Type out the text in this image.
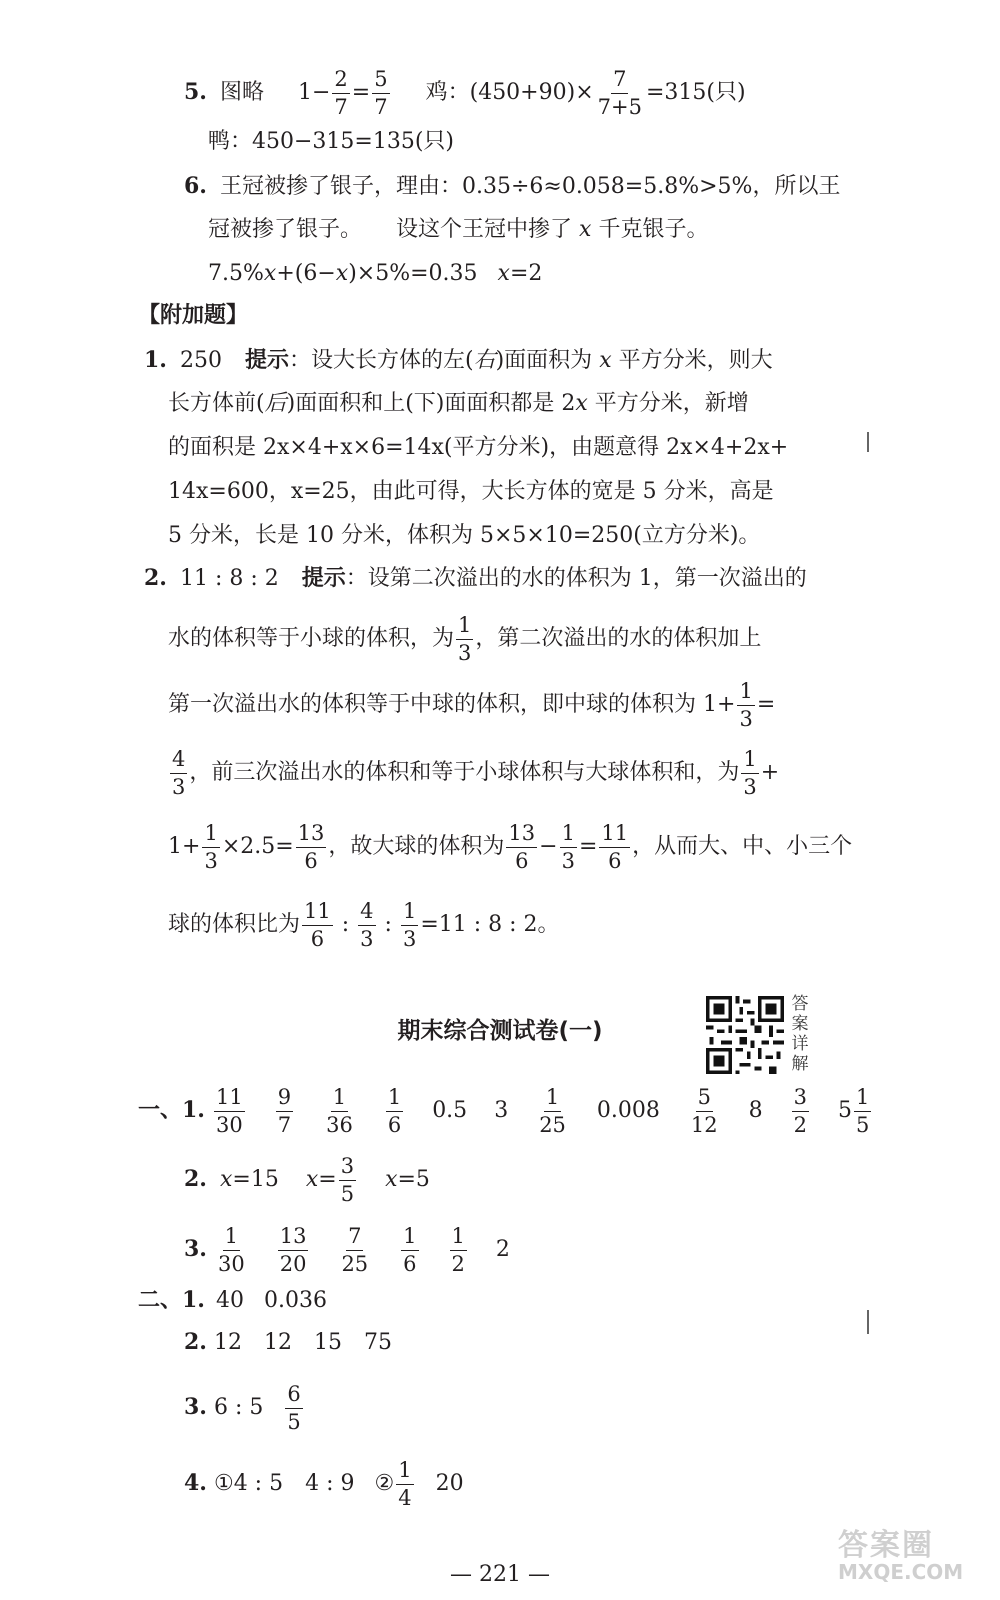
5. 图略 $1- \frac{2}{7} = \frac{5}{7}$ 鸡：$(450+90)\times \frac{7}{7+5} =315$(只)
鸭：450−315=135(只)
6. 王冠被掺了银子，理由：0.35÷6≈0.058=5.8%>5%，所以王
冠被掺了银子。 设这个王冠中掺了 x 千克银子。
7.5%x+(6−x)×5%=0.35 x=2
【附加题】
1. 250 提示：设大长方体的左(右)面面积为 x 平方分米，则大
长方体前(后)面面积和上(下)面面积都是 2x 平方分米，新增
的面积是 2x×4+x×6=14x(平方分米)，由题意得 2x×4+2x+
14x=600，x=25，由此可得，大长方体的宽是 5 分米，高是
5 分米，长是 10 分米，体积为 5×5×10=250(立方分米)。
2. 11 : 8 : 2 提示：设第二次溢出的水的体积为 1，第一次溢出的
水的体积等于小球的体积，为 $\frac{1}{3}$ ，第二次溢出的水的体积加上
第一次溢出水的体积等于中球的体积，即中球的体积为 $1+ \frac{1}{3}$ =
$\frac{4}{3}$ ，前三次溢出水的体积和等于小球体积与大球体积和，为 $\frac{1}{3}$ +
$1+ \frac{1}{3} \times 2.5= \frac{13}{6}$ ，故大球的体积为 $\frac{13}{6} - \frac{1}{3} = \frac{11}{6}$ ，从而大、中、小三个
球的体积比为 $\frac{11}{6}$ : $\frac{4}{3}$ : $\frac{1}{3} =11$ : 8 : 2。
期末综合测试卷(一)
答案详解
一、1. $\frac{11}{30}$
$\frac{9}{7}$
$\frac{1}{36}$
$\frac{1}{6} 0.5$ $3 \frac{1}{25} 0.008 \frac{5}{12} 8 \frac{3}{2} 5 \frac{1}{5}$
2. x=15 $x= \frac{3}{5} x=5$
3. $\frac{1}{30}$
$\frac{13}{20}$
$\frac{7}{25}$
$\frac{1}{6}$
$\frac{1}{2} 2$
二、1. 40 0.036
2. 12　12　15　75
3. 6 : $5 \frac{6}{5}$
4. ①4 : 5　4 : 9 ② $\frac{1}{4} 20$
— 221 —
答案圈
MXQE.COM
